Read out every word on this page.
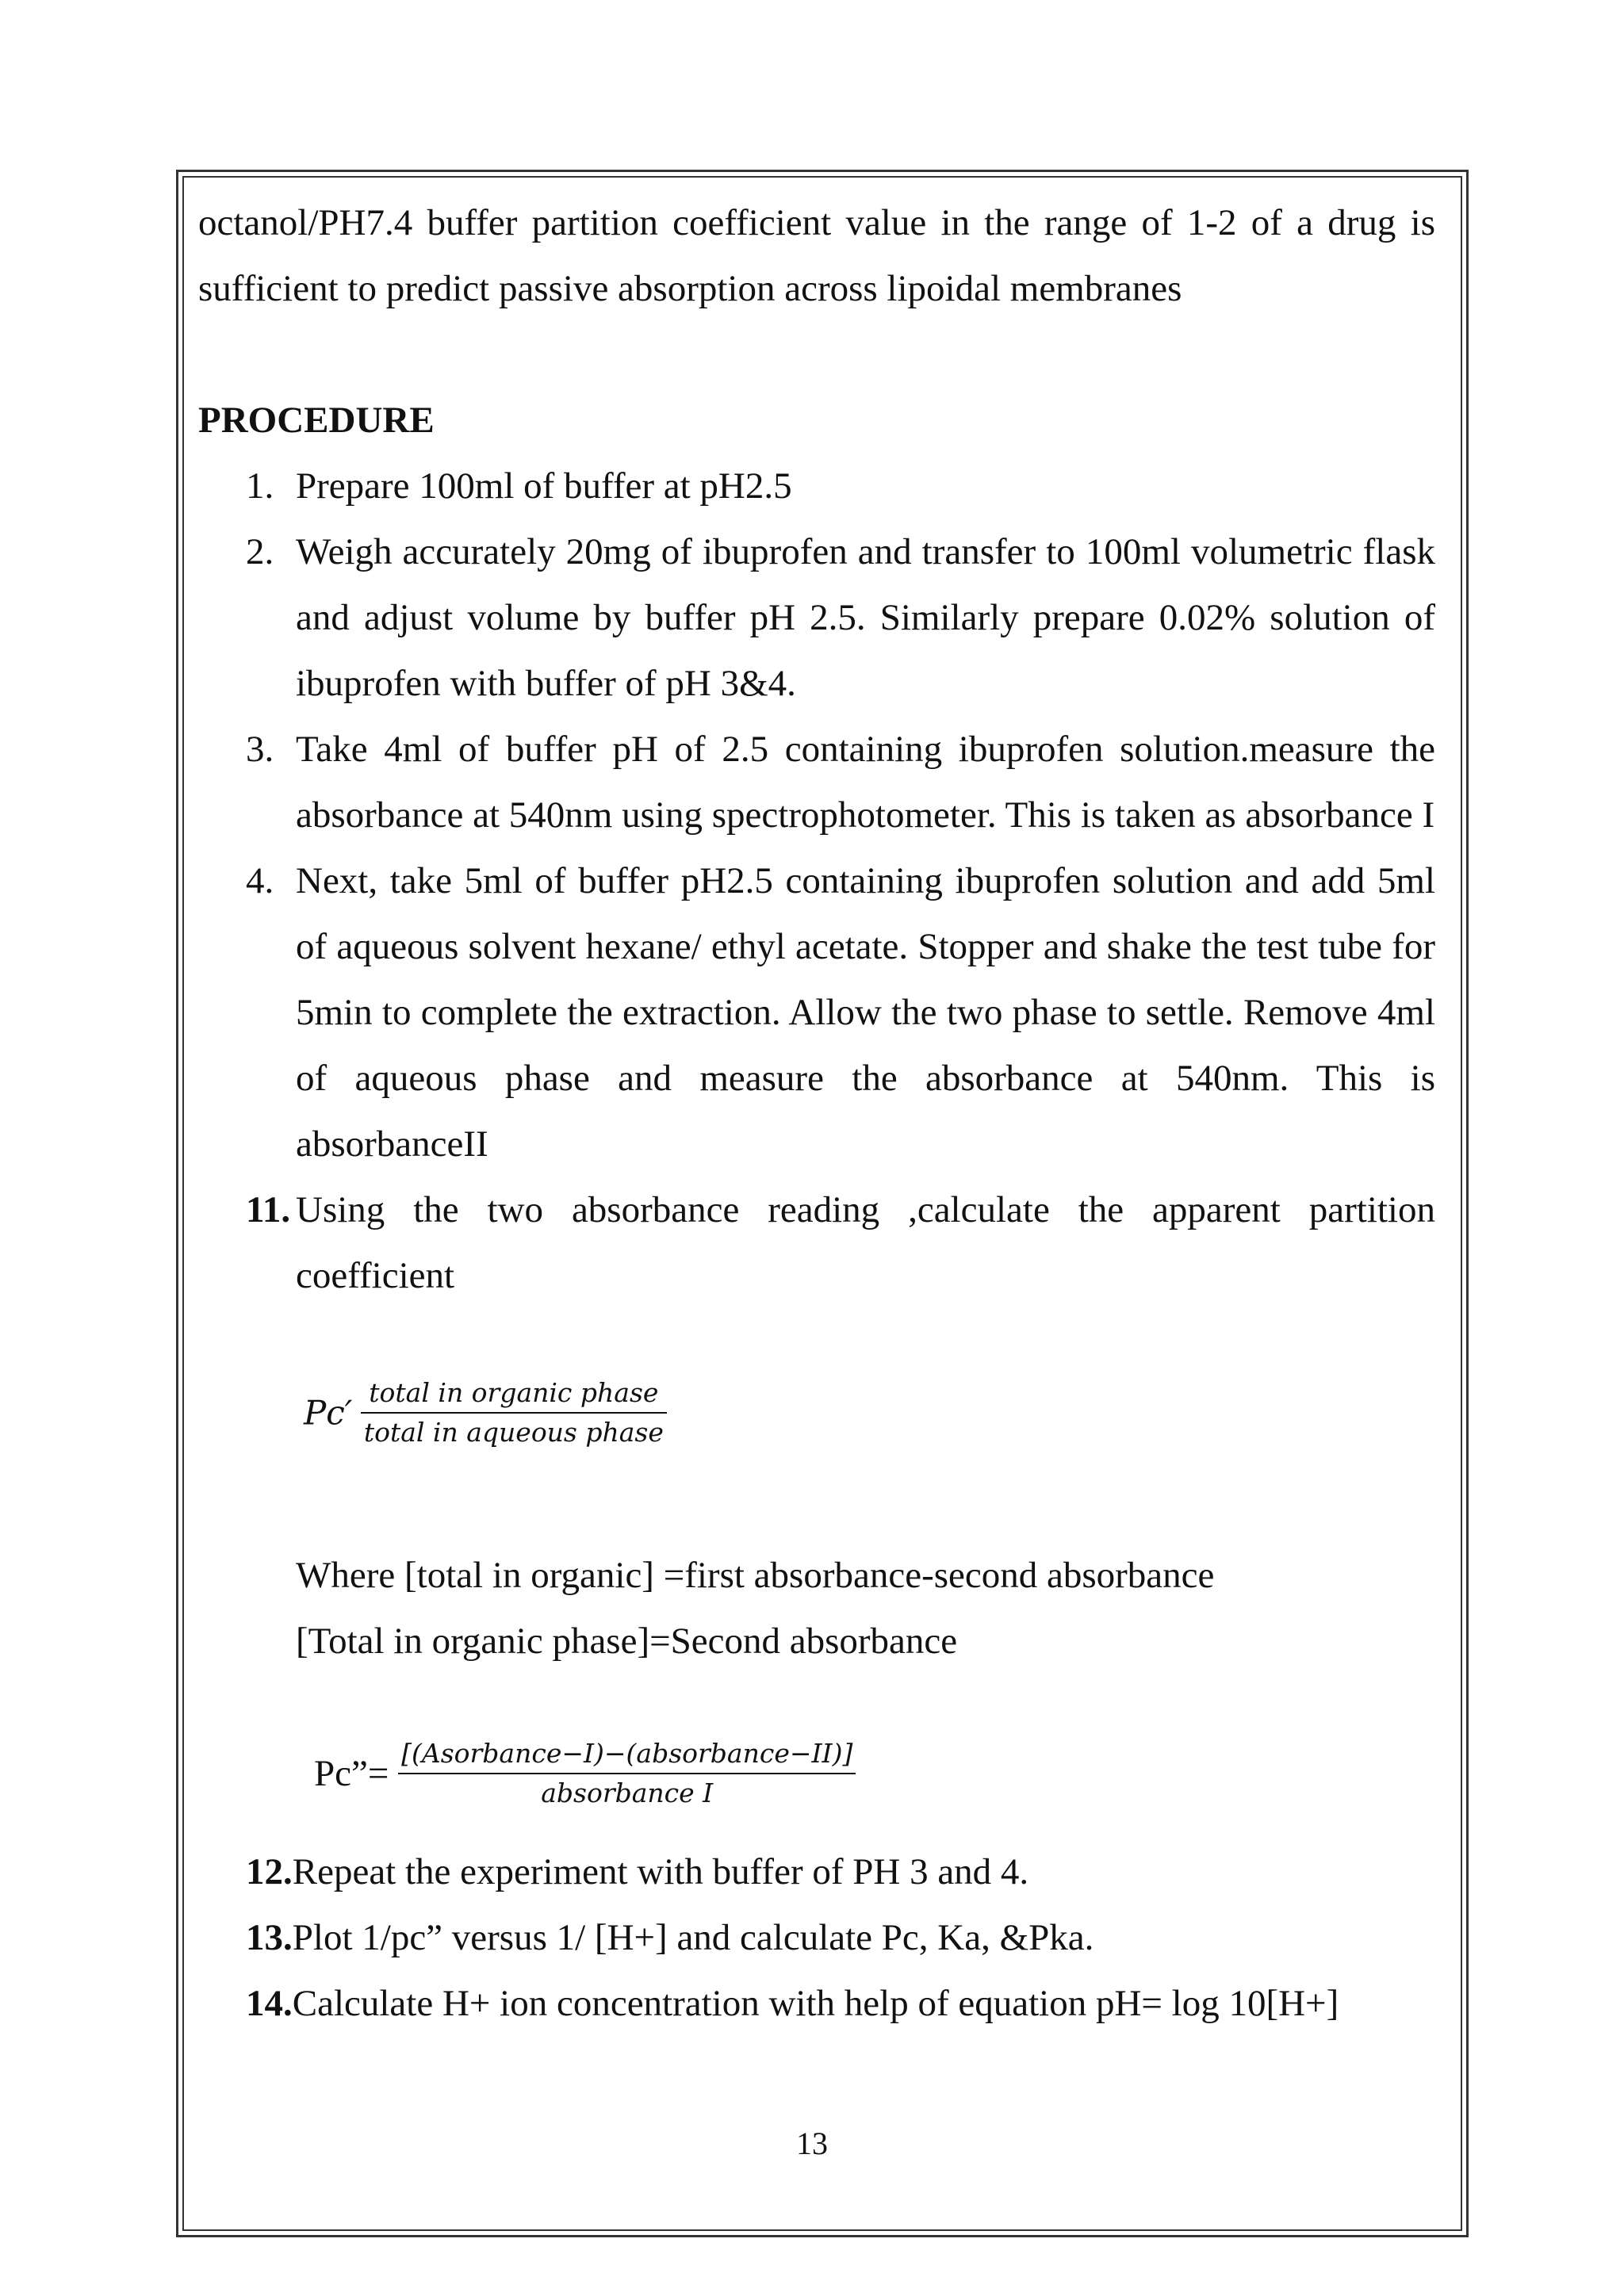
octanol/PH7.4 buffer partition coefficient value in the range of 1-2 of a drug is sufficient to predict passive absorption across lipoidal membranes

PROCEDURE

1. Prepare 100ml of buffer at pH2.5
2. Weigh accurately 20mg of ibuprofen and transfer to 100ml volumetric flask and adjust volume by buffer pH 2.5. Similarly prepare 0.02% solution of ibuprofen with buffer of pH 3&4.
3. Take 4ml of buffer pH of 2.5 containing ibuprofen solution.measure the absorbance at 540nm using spectrophotometer. This is taken as absorbance I
4. Next, take 5ml of buffer pH2.5 containing ibuprofen solution and add 5ml of aqueous solvent hexane/ ethyl acetate. Stopper and shake the test tube for 5min to complete the extraction. Allow the two phase to settle. Remove 4ml of aqueous phase and measure the absorbance at 540nm. This is absorbanceII
11. Using the two absorbance reading ,calculate the apparent partition coefficient
$Pc' \frac{\text{total in organic phase}}{\text{total in aqueous phase}}$
Where [total in organic] =first absorbance-second absorbance
[Total in organic phase]=Second absorbance
Pc”= $\frac{\text{[(Asorbance−I)−(absorbance−II)]}}{\text{absorbance I}}$

12.Repeat the experiment with buffer of PH 3 and 4.

13.Plot 1/pc” versus 1/ [H+] and calculate Pc, Ka, &Pka.

14.Calculate H+ ion concentration with help of equation pH= log 10[H+]

13
